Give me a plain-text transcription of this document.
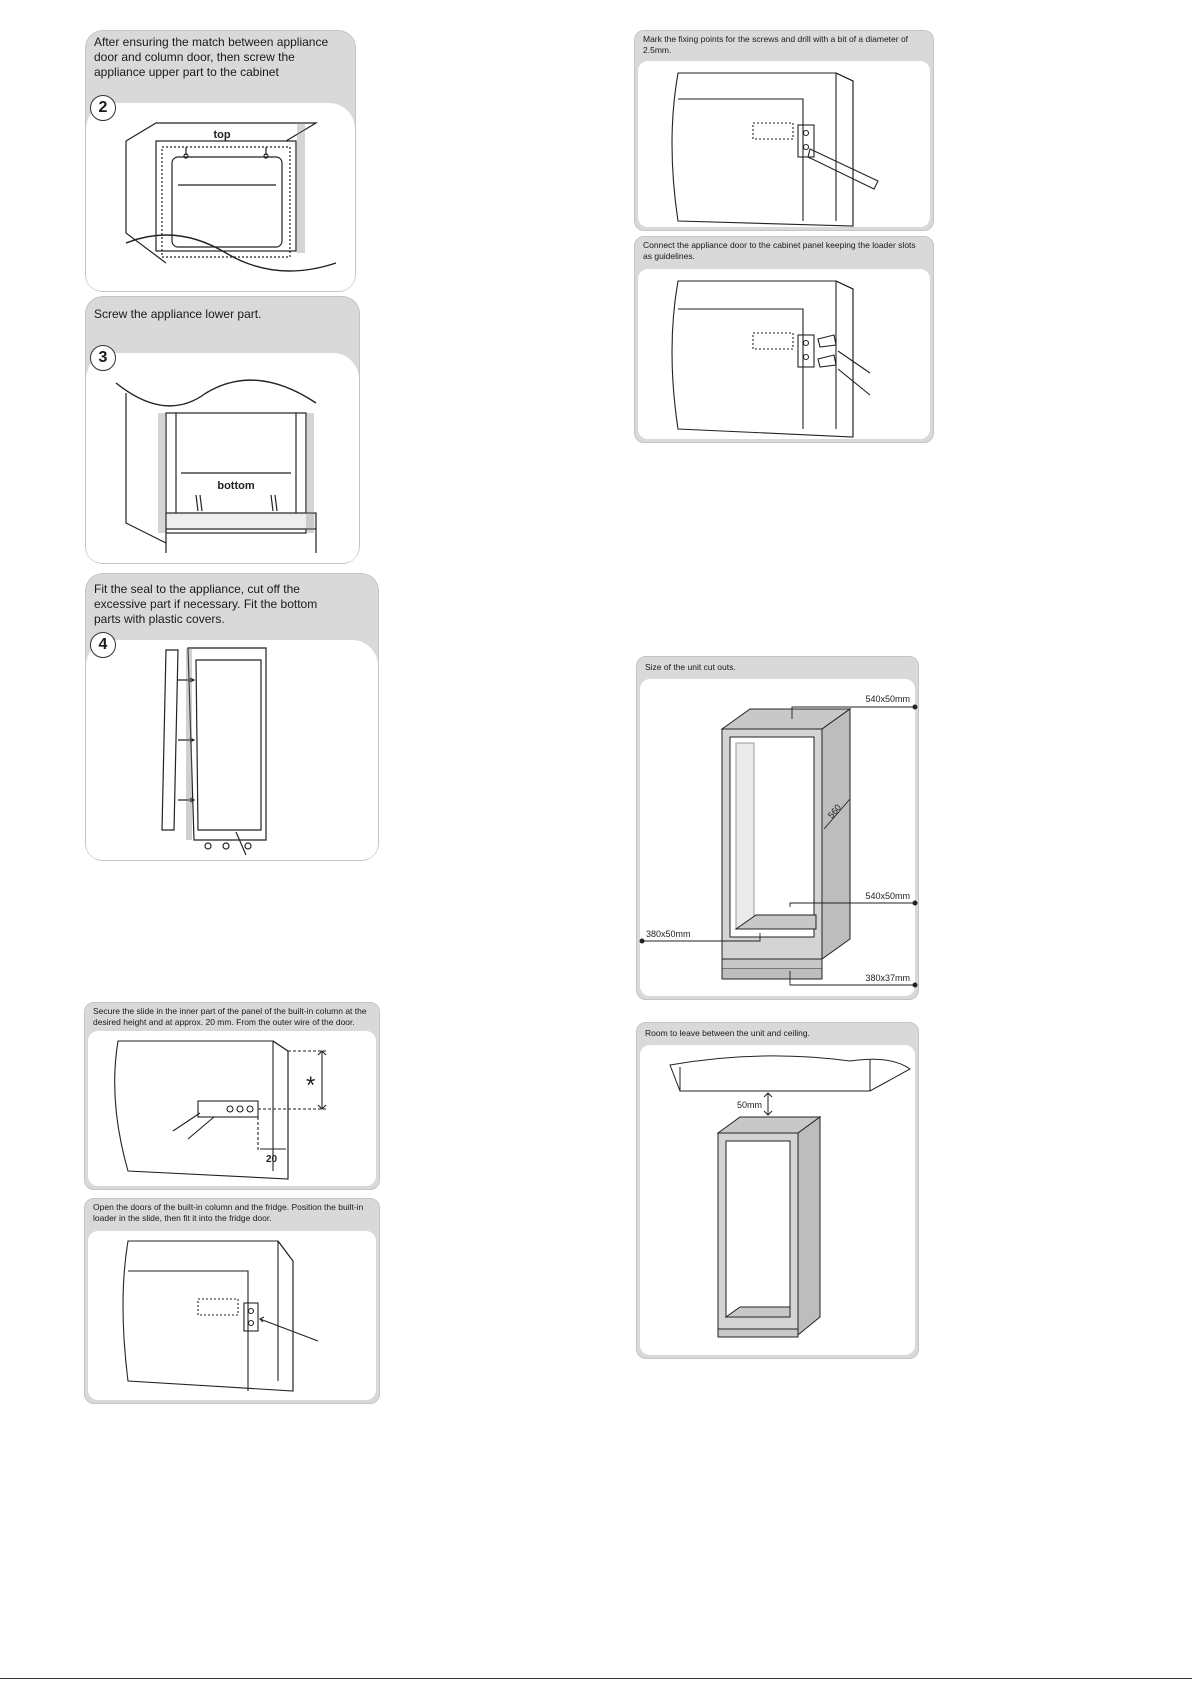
After ensuring the match between appliance door and column door, then screw the appliance upper part to the cabinet
2
top
Screw the appliance lower part.
3
bottom
Fit the seal to the appliance, cut off the excessive part if necessary. Fit the bottom parts with plastic covers.
4
Secure the slide in the inner part of the panel of the built-in column at the desired height and at approx. 20 mm. From the outer wire of the door.
*
20
Open the doors of the built-in column and the fridge. Position the built-in loader in the slide, then fit it into the fridge door.
Mark the fixing points for the screws and drill with a bit of a diameter of 2.5mm.
Connect the appliance door to the cabinet panel keeping the loader slots as guidelines.
Size of the unit cut outs.
540x50mm
560
540x50mm
380x50mm
380x37mm
Room to leave between the unit and ceiling.
50mm
